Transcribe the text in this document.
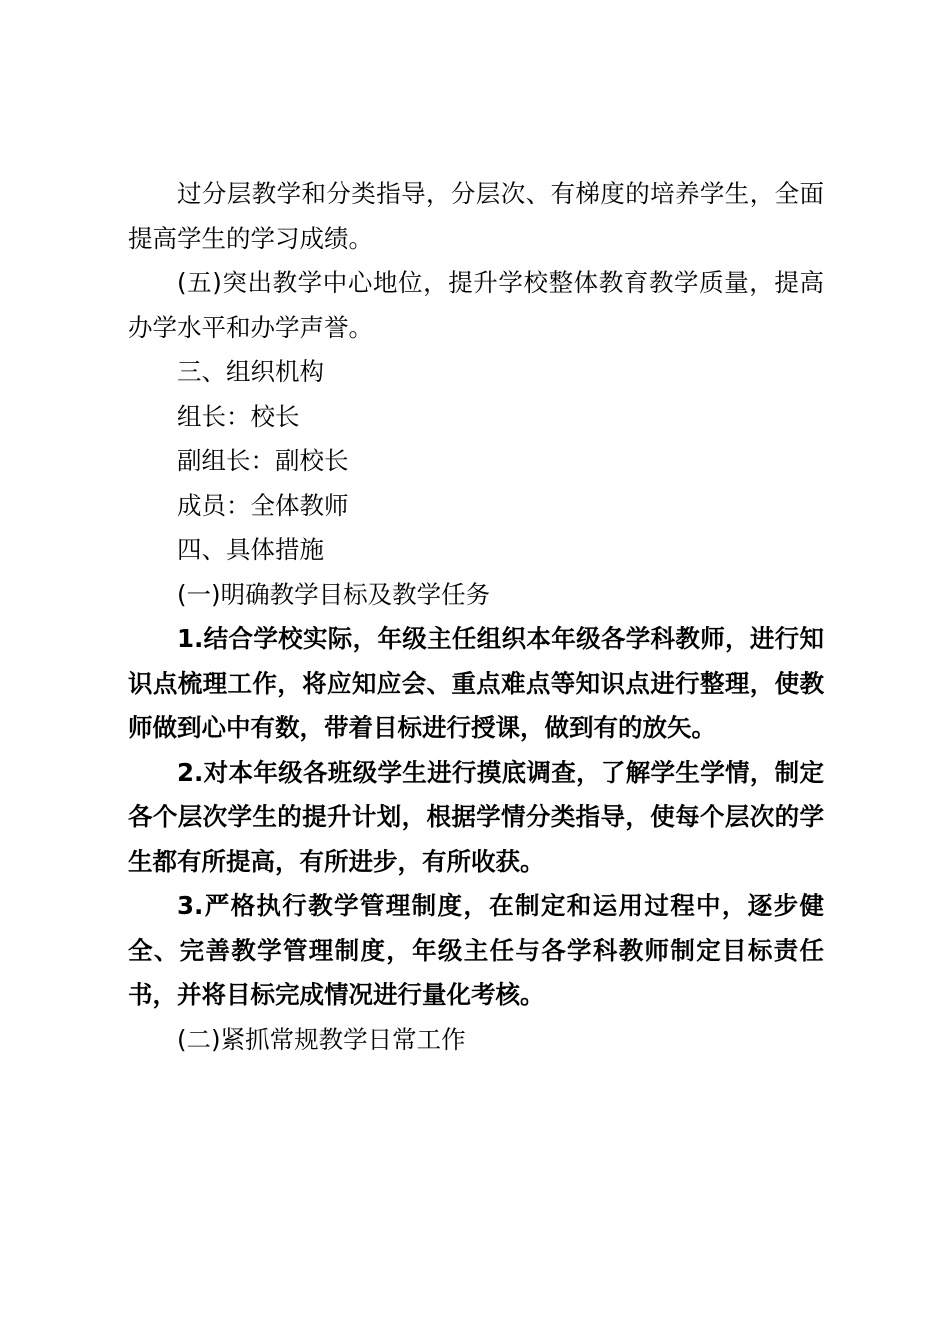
过分层教学和分类指导，分层次、有梯度的培养学生，全面提高学生的学习成绩。

(五)突出教学中心地位，提升学校整体教育教学质量，提高办学水平和办学声誉。

三、组织机构

组长：校长

副组长：副校长

成员：全体教师

四、具体措施

(一)明确教学目标及教学任务

1.结合学校实际，年级主任组织本年级各学科教师，进行知识点梳理工作，将应知应会、重点难点等知识点进行整理，使教师做到心中有数，带着目标进行授课，做到有的放矢。

2.对本年级各班级学生进行摸底调查，了解学生学情，制定各个层次学生的提升计划，根据学情分类指导，使每个层次的学生都有所提高，有所进步，有所收获。

3.严格执行教学管理制度，在制定和运用过程中，逐步健全、完善教学管理制度，年级主任与各学科教师制定目标责任书，并将目标完成情况进行量化考核。

(二)紧抓常规教学日常工作
